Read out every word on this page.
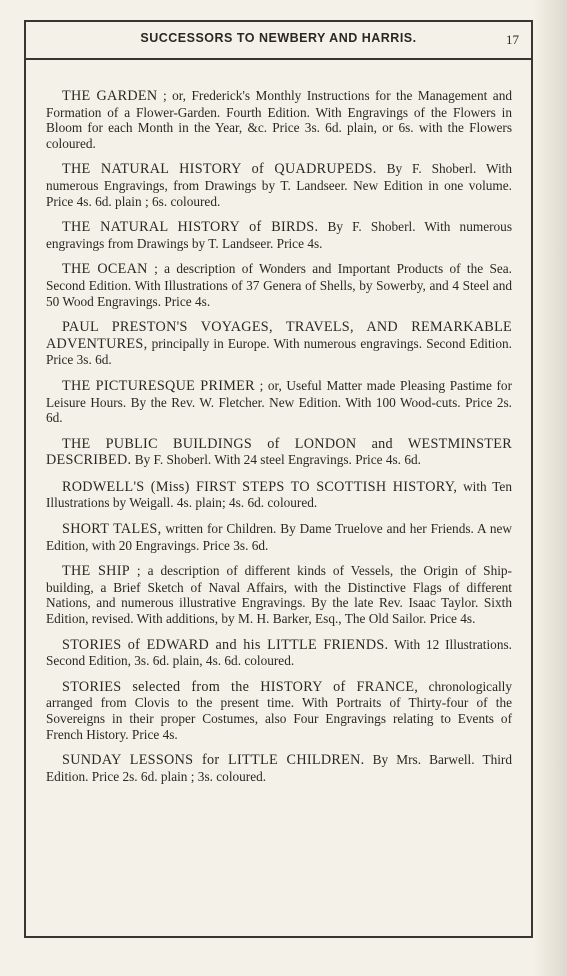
SUCCESSORS TO NEWBERY AND HARRIS.	17

THE GARDEN ; or, Frederick's Monthly Instructions for the Management and Formation of a Flower-Garden. Fourth Edition. With Engravings of the Flowers in Bloom for each Month in the Year, &c. Price 3s. 6d. plain, or 6s. with the Flowers coloured.

THE NATURAL HISTORY of QUADRUPEDS. By F. Shoberl. With numerous Engravings, from Drawings by T. Landseer. New Edition in one volume. Price 4s. 6d. plain ; 6s. coloured.

THE NATURAL HISTORY of BIRDS. By F. Shoberl. With numerous engravings from Drawings by T. Landseer. Price 4s.

THE OCEAN ; a description of Wonders and Important Products of the Sea. Second Edition. With Illustrations of 37 Genera of Shells, by Sowerby, and 4 Steel and 50 Wood Engravings. Price 4s.

PAUL PRESTON'S VOYAGES, TRAVELS, AND REMARKABLE ADVENTURES, principally in Europe. With numerous engravings. Second Edition. Price 3s. 6d.

THE PICTURESQUE PRIMER ; or, Useful Matter made Pleasing Pastime for Leisure Hours. By the Rev. W. Fletcher. New Edition. With 100 Wood-cuts. Price 2s. 6d.

THE PUBLIC BUILDINGS of LONDON and WESTMINSTER DESCRIBED. By F. Shoberl. With 24 steel Engravings. Price 4s. 6d.

RODWELL'S (Miss) FIRST STEPS TO SCOTTISH HISTORY, with Ten Illustrations by Weigall. 4s. plain; 4s. 6d. coloured.

SHORT TALES, written for Children. By Dame Truelove and her Friends. A new Edition, with 20 Engravings. Price 3s. 6d.

THE SHIP ; a description of different kinds of Vessels, the Origin of Ship-building, a Brief Sketch of Naval Affairs, with the Distinctive Flags of different Nations, and numerous illustrative Engravings. By the late Rev. Isaac Taylor. Sixth Edition, revised. With additions, by M. H. Barker, Esq., The Old Sailor. Price 4s.

STORIES of EDWARD and his LITTLE FRIENDS. With 12 Illustrations. Second Edition, 3s. 6d. plain, 4s. 6d. coloured.

STORIES selected from the HISTORY of FRANCE, chronologically arranged from Clovis to the present time. With Portraits of Thirty-four of the Sovereigns in their proper Costumes, also Four Engravings relating to Events of French History. Price 4s.

SUNDAY LESSONS for LITTLE CHILDREN. By Mrs. Barwell. Third Edition. Price 2s. 6d. plain ; 3s. coloured.
